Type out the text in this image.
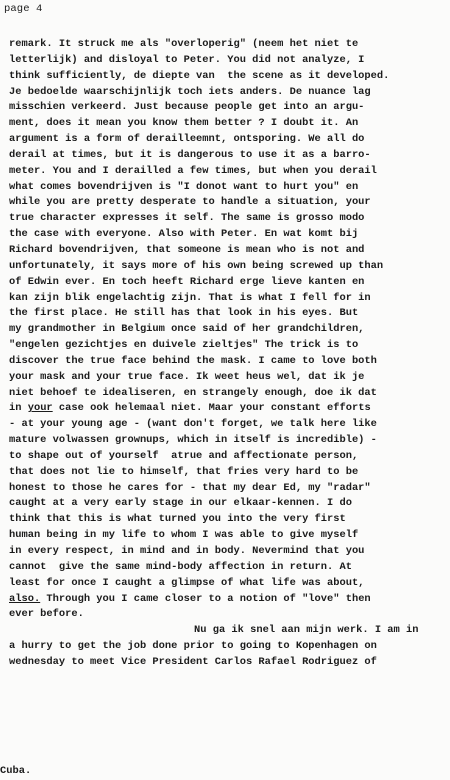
page 4
remark. It struck me als "overloperig" (neem het niet te
letterlijk) and disloyal to Peter. You did not analyze, I
think sufficiently, de diepte van  the scene as it developed.
Je bedoelde waarschijnlijk toch iets anders. De nuance lag
misschien verkeerd. Just because people get into an argu-
ment, does it mean you know them better ? I doubt it. An
argument is a form of derailleemnt, ontsporing. We all do
derail at times, but it is dangerous to use it as a barro-
meter. You and I derailled a few times, but when you derail
what comes bovendrijven is "I donot want to hurt you" en
while you are pretty desperate to handle a situation, your
true character expresses it self. The same is grosso modo
the case with everyone. Also with Peter. En wat komt bij
Richard bovendrijven, that someone is mean who is not and
unfortunately, it says more of his own being screwed up than
of Edwin ever. En toch heeft Richard erge lieve kanten en
kan zijn blik engelachtig zijn. That is what I fell for in
the first place. He still has that look in his eyes. But
my grandmother in Belgium once said of her grandchildren,
"engelen gezichtjes en duivele zieltjes" The trick is to
discover the true face behind the mask. I came to love both
your mask and your true face. Ik weet heus wel, dat ik je
niet behoef te idealiseren, en strangely enough, doe ik dat
in your case ook helemaal niet. Maar your constant efforts
- at your young age - (want don't forget, we talk here like
mature volwassen grownups, which in itself is incredible) -
to shape out of yourself  atrue and affectionate person,
that does not lie to himself, that fries very hard to be
honest to those he cares for - that my dear Ed, my "radar"
caught at a very early stage in our elkaar-kennen. I do
think that this is what turned you into the very first
human being in my life to whom I was able to give myself
in every respect, in mind and in body. Nevermind that you
cannot  give the same mind-body affection in return. At
least for once I caught a glimpse of what life was about,
also. Through you I came closer to a notion of "love" then
ever before.
Nu ga ik snel aan mijn werk. I am in
a hurry to get the job done prior to going to Kopenhagen on
wednesday to meet Vice President Carlos Rafael Rodriguez of
Cuba.
